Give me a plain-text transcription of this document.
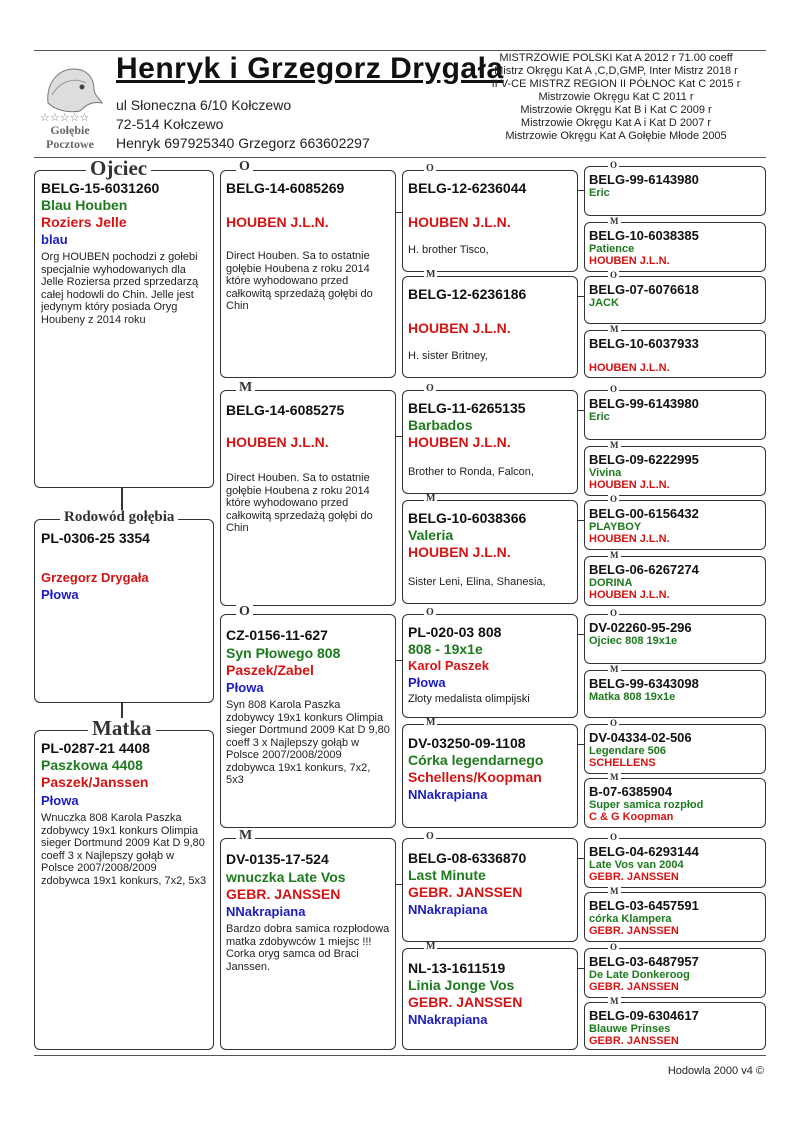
☆☆☆☆☆
Gołębie
Pocztowe
Henryk i Grzegorz Drygała
ul Słoneczna 6/10 Kołczewo
72-514 Kołczewo
Henryk 697925340 Grzegorz 663602297
MISTRZOWIE POLSKI Kat A 2012 r 71.00 coeff
Mistrz Okręgu Kat A ,C,D,GMP, Inter Mistrz 2018 r
II V-CE MISTRZ REGION II PÓŁNOC Kat C 2015 r
Mistrzowie Okręgu Kat C 2011 r
Mistrzowie Okręgu Kat B i Kat C 2009 r
Mistrzowie Okręgu Kat A i Kat D 2007 r
Mistrzowie Okręgu Kat A Gołębie Młode 2005
BELG-15-6031260
Blau Houben
Roziers Jelle
blau
Org HOUBEN pochodzi z gołebi specjalnie wyhodowanych dla Jelle Roziersa przed sprzedarzą całej hodowli do Chin. Jelle jest jedynym który posiada Oryg Houbeny z 2014 roku
Ojciec
PL-0306-25 3354
Grzegorz Drygała
Płowa
Rodowód gołębia
PL-0287-21 4408
Paszkowa 4408
Paszek/Janssen
Płowa
Wnuczka 808 Karola Paszka zdobywcy 19x1 konkurs Olimpia sieger Dortmund 2009 Kat D 9,80 coeff 3 x Najlepszy gołąb w Polsce 2007/2008/2009 zdobywca 19x1 konkurs, 7x2, 5x3
Matka
BELG-14-6085269
HOUBEN J.L.N.
Direct Houben. Sa to ostatnie gołębie Houbena z roku 2014 które wyhodowano przed całkowitą sprzedażą gołębi do Chin
O
BELG-14-6085275
HOUBEN J.L.N.
Direct Houben. Sa to ostatnie gołębie Houbena z roku 2014 które wyhodowano przed całkowitą sprzedażą gołębi do Chin
M
CZ-0156-11-627
Syn Płowego 808
Paszek/Zabel
Płowa
Syn 808 Karola Paszka zdobywcy 19x1 konkurs Olimpia sieger Dortmund 2009 Kat D 9,80 coeff 3 x Najlepszy gołąb w Polsce 2007/2008/2009 zdobywca 19x1 konkurs, 7x2, 5x3
O
DV-0135-17-524
wnuczka Late Vos
GEBR. JANSSEN
NNakrapiana
Bardzo dobra samica rozpłodowa matka zdobywców 1 miejsc !!! Corka oryg samca od Braci Janssen.
M
BELG-12-6236044
HOUBEN J.L.N.
H. brother Tisco,
O
BELG-12-6236186
HOUBEN J.L.N.
H. sister Britney,
M
BELG-11-6265135
Barbados
HOUBEN J.L.N.
Brother to Ronda, Falcon,
O
BELG-10-6038366
Valeria
HOUBEN J.L.N.
Sister Leni, Elina, Shanesia,
M
PL-020-03 808
808 - 19x1e
Karol Paszek
Płowa
Złoty medalista olimpijski
O
DV-03250-09-1108
Córka legendarnego
Schellens/Koopman
NNakrapiana
M
BELG-08-6336870
Last Minute
GEBR. JANSSEN
NNakrapiana
O
NL-13-1611519
Linia Jonge Vos
GEBR. JANSSEN
NNakrapiana
M
BELG-99-6143980
Eric
O
BELG-10-6038385
Patience
HOUBEN J.L.N.
M
BELG-07-6076618
JACK
O
BELG-10-6037933
HOUBEN J.L.N.
M
BELG-99-6143980
Eric
O
BELG-09-6222995
Vivina
HOUBEN J.L.N.
M
BELG-00-6156432
PLAYBOY
HOUBEN J.L.N.
O
BELG-06-6267274
DORINA
HOUBEN J.L.N.
M
DV-02260-95-296
Ojciec 808 19x1e
O
BELG-99-6343098
Matka 808 19x1e
M
DV-04334-02-506
Legendare 506
SCHELLENS
O
B-07-6385904
Super samica rozpłod
C & G Koopman
M
BELG-04-6293144
Late Vos van 2004
GEBR. JANSSEN
O
BELG-03-6457591
córka Klampera
GEBR. JANSSEN
M
BELG-03-6487957
De Late Donkeroog
GEBR. JANSSEN
O
BELG-09-6304617
Blauwe Prinses
GEBR. JANSSEN
M
Hodowla 2000 v4 ©
